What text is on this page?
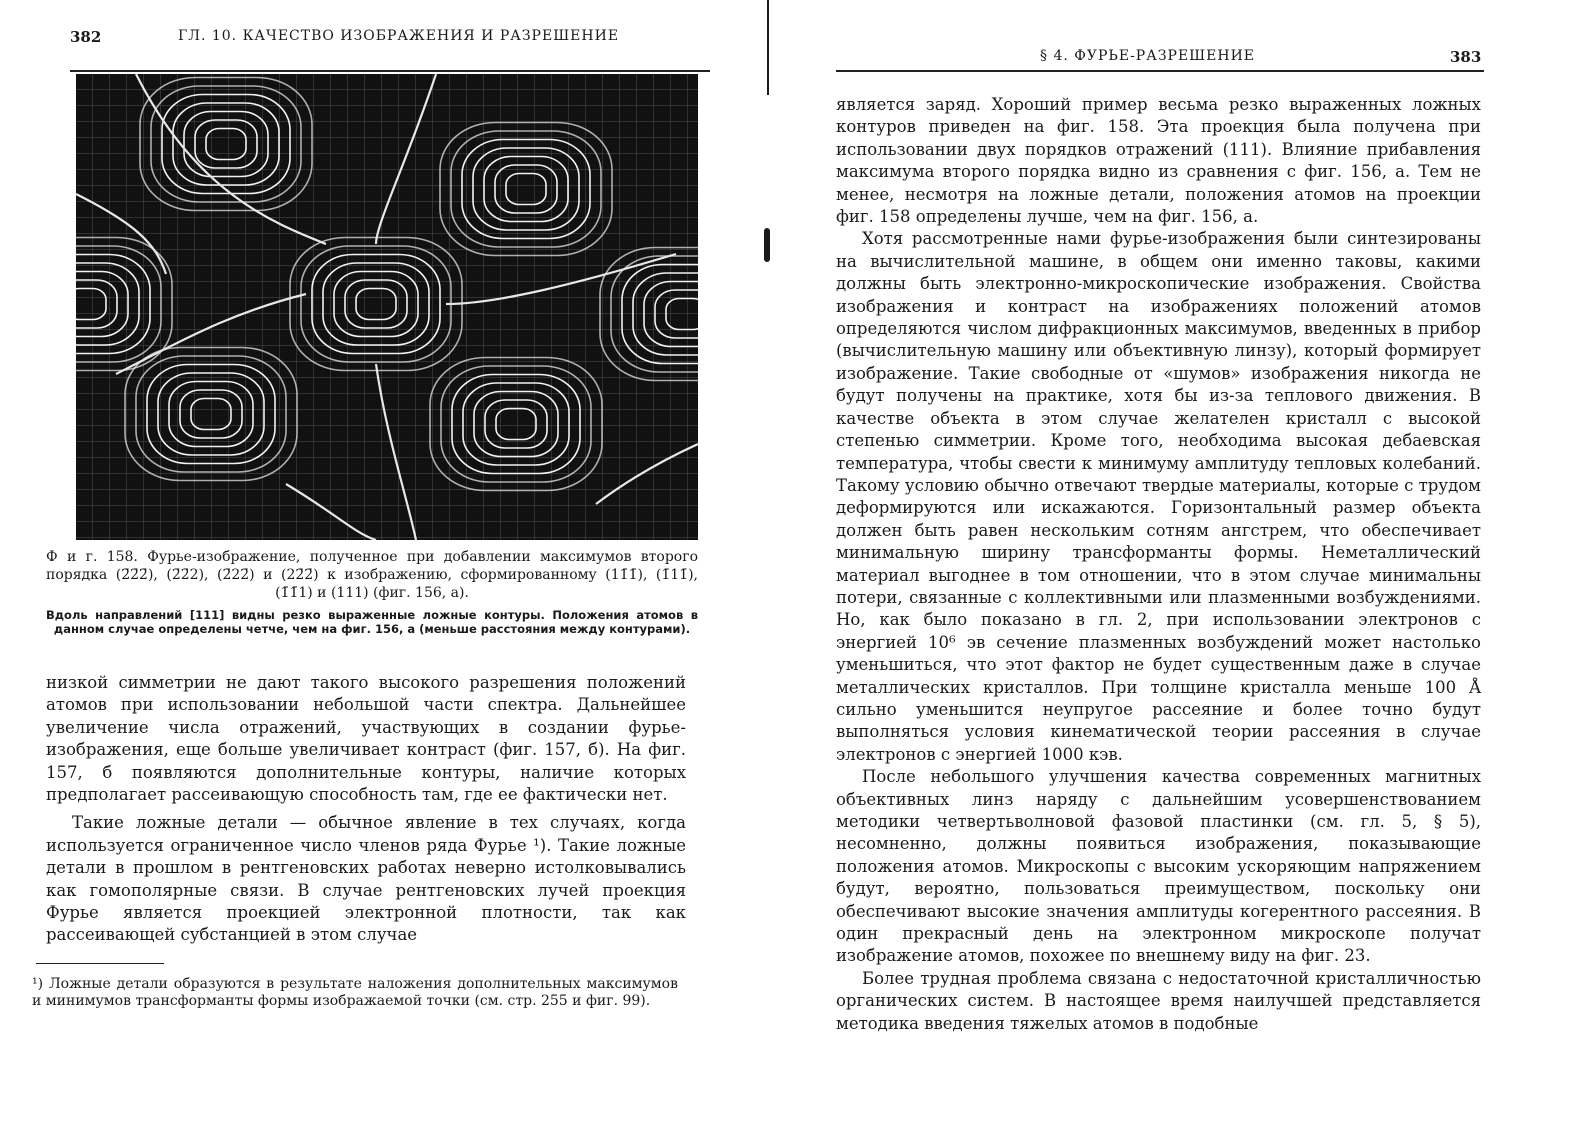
382	ГЛ. 10. КАЧЕСТВО ИЗОБРАЖЕНИЯ И РАЗРЕШЕНИЕ
Ф и г. 158. Фурье-изображение, полученное при добавлении максимумов второго порядка (2̄2̄2̄), (2̄2̄2), (2̄22̄) и (22̄2̄) к изображению, сформированному (11̄1̄), (1̄11̄), (1̄1̄1) и (111) (фиг. 156, а).
Вдоль направлений [111] видны резко выраженные ложные контуры. Положения атомов в данном случае определены четче, чем на фиг. 156, а (меньше расстояния между контурами).

низкой симметрии не дают такого высокого разрешения положений атомов при использовании небольшой части спектра. Дальнейшее увеличение числа отражений, участвующих в создании фурье-изображения, еще больше увеличивает контраст (фиг. 157, б). На фиг. 157, б появляются дополнительные контуры, наличие которых предполагает рассеивающую способность там, где ее фактически нет.

Такие ложные детали — обычное явление в тех случаях, когда используется ограниченное число членов ряда Фурье ¹). Такие ложные детали в прошлом в рентгеновских работах неверно истолковывались как гомополярные связи. В случае рентгеновских лучей проекция Фурье является проекцией электронной плотности, так как рассеивающей субстанцией в этом случае

¹) Ложные детали образуются в результате наложения дополнительных максимумов и минимумов трансформанты формы изображаемой точки (см. стр. 255 и фиг. 99).
§ 4. ФУРЬЕ-РАЗРЕШЕНИЕ	383

является заряд. Хороший пример весьма резко выраженных ложных контуров приведен на фиг. 158. Эта проекция была получена при использовании двух порядков отражений (111). Влияние прибавления максимума второго порядка видно из сравнения с фиг. 156, а. Тем не менее, несмотря на ложные детали, положения атомов на проекции фиг. 158 определены лучше, чем на фиг. 156, а.

Хотя рассмотренные нами фурье-изображения были синтезированы на вычислительной машине, в общем они именно таковы, какими должны быть электронно-микроскопические изображения. Свойства изображения и контраст на изображениях положений атомов определяются числом дифракционных максимумов, введенных в прибор (вычислительную машину или объективную линзу), который формирует изображение. Такие свободные от «шумов» изображения никогда не будут получены на практике, хотя бы из-за теплового движения. В качестве объекта в этом случае желателен кристалл с высокой степенью симметрии. Кроме того, необходима высокая дебаевская температура, чтобы свести к минимуму амплитуду тепловых колебаний. Такому условию обычно отвечают твердые материалы, которые с трудом деформируются или искажаются. Горизонтальный размер объекта должен быть равен нескольким сотням ангстрем, что обеспечивает минимальную ширину трансформанты формы. Неметаллический материал выгоднее в том отношении, что в этом случае минимальны потери, связанные с коллективными или плазменными возбуждениями. Но, как было показано в гл. 2, при использовании электронов с энергией 10⁶ эв сечение плазменных возбуждений может настолько уменьшиться, что этот фактор не будет существенным даже в случае металлических кристаллов. При толщине кристалла меньше 100 Å сильно уменьшится неупругое рассеяние и более точно будут выполняться условия кинематической теории рассеяния в случае электронов с энергией 1000 кэв.

После небольшого улучшения качества современных магнитных объективных линз наряду с дальнейшим усовершенствованием методики четвертьволновой фазовой пластинки (см. гл. 5, § 5), несомненно, должны появиться изображения, показывающие положения атомов. Микроскопы с высоким ускоряющим напряжением будут, вероятно, пользоваться преимуществом, поскольку они обеспечивают высокие значения амплитуды когерентного рассеяния. В один прекрасный день на электронном микроскопе получат изображение атомов, похожее по внешнему виду на фиг. 23.

Более трудная проблема связана с недостаточной кристалличностью органических систем. В настоящее время наилучшей представляется методика введения тяжелых атомов в подобные
